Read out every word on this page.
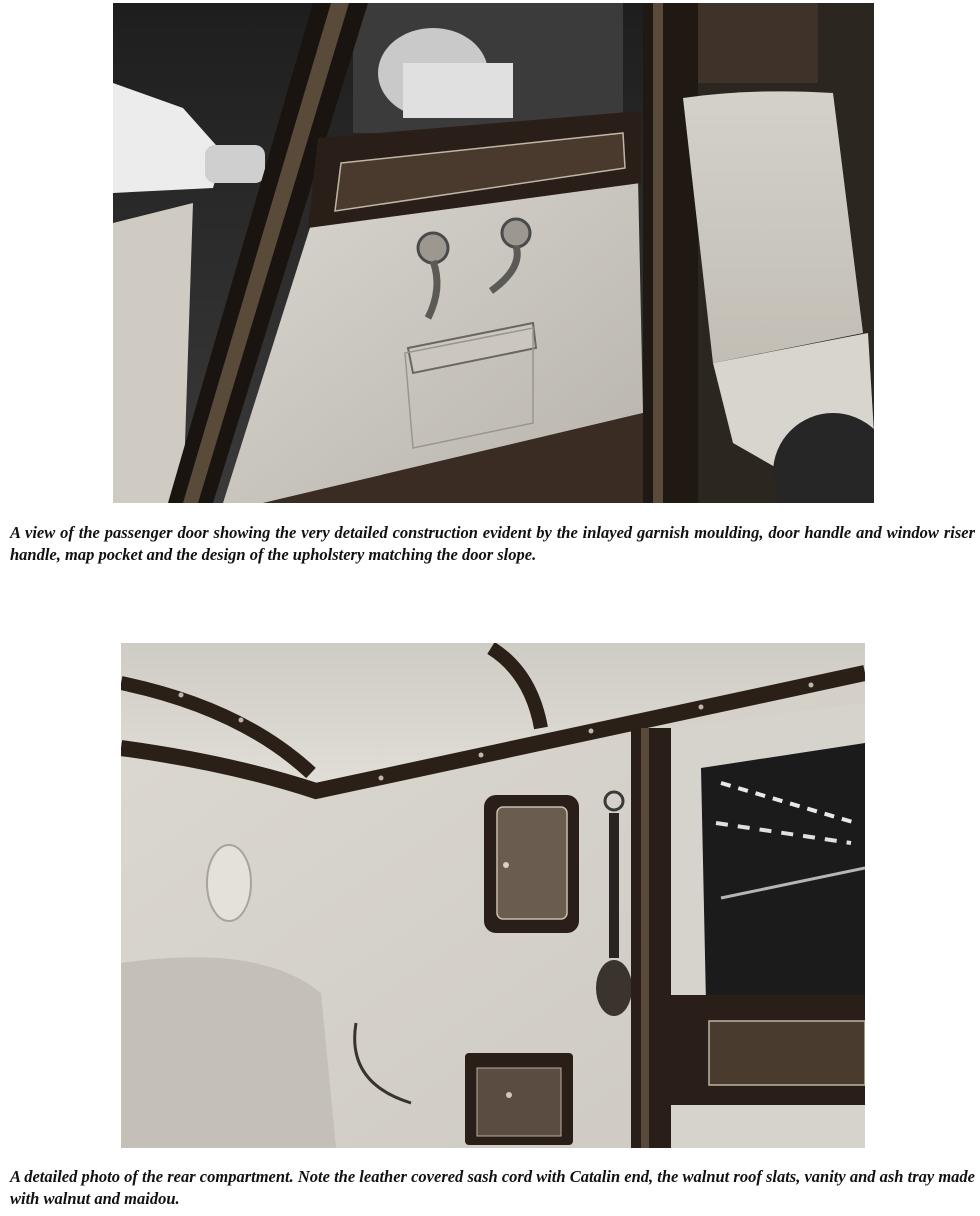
A view of the passenger door showing the very detailed construction evident by the inlayed garnish moulding, door handle and window riser handle, map pocket and the design of the upholstery matching the door slope.

A detailed photo of the rear compartment. Note the leather covered sash cord with Catalin end, the walnut roof slats, vanity and ash tray made with walnut and maidou.
